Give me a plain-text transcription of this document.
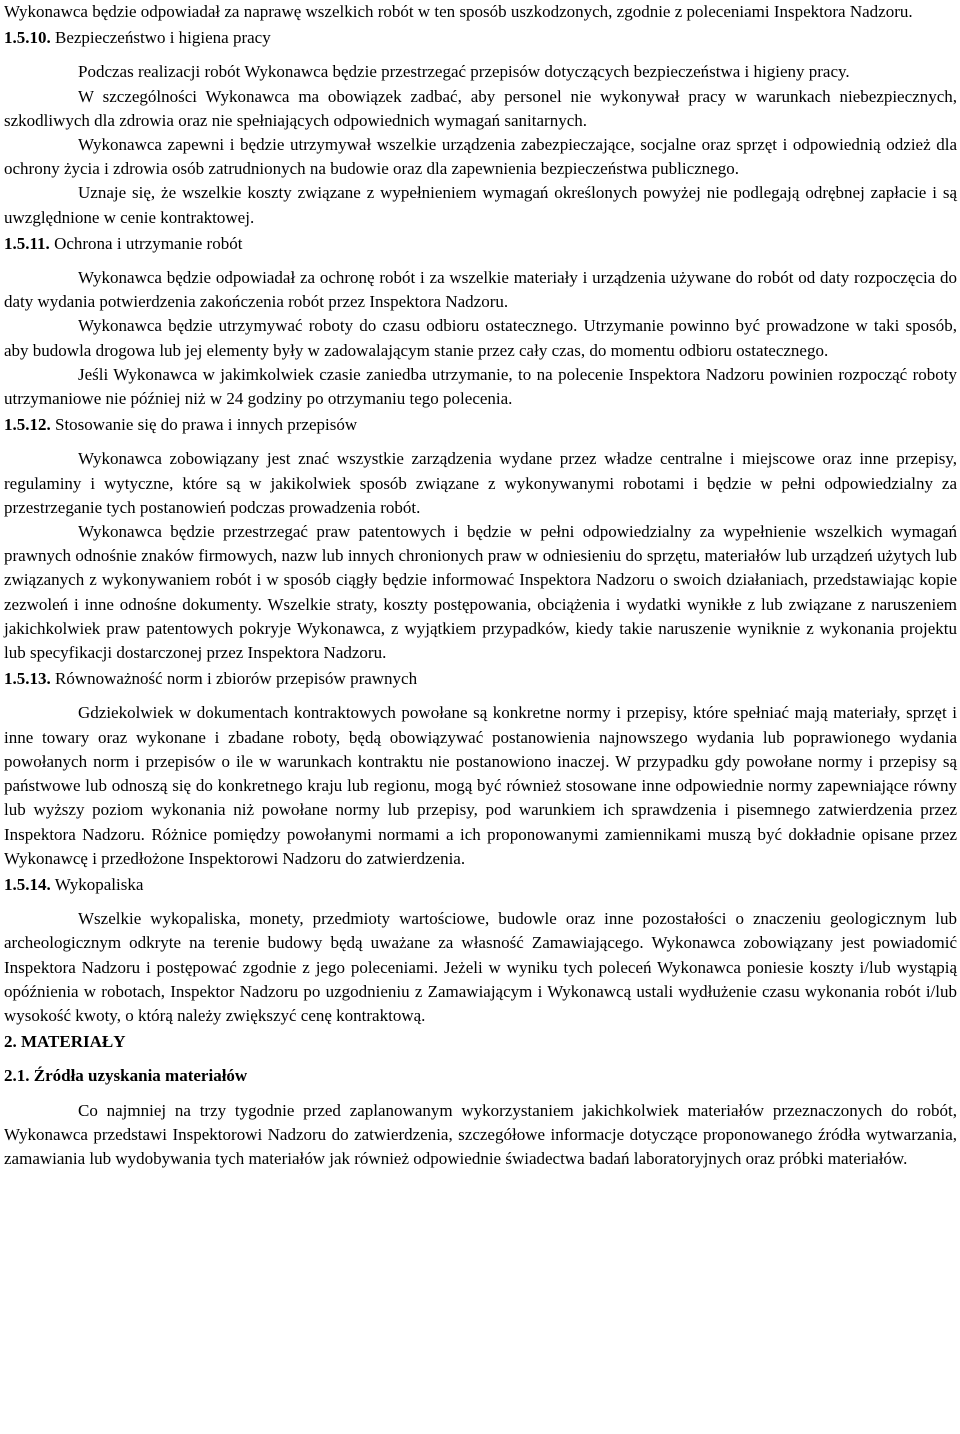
Wykonawca będzie odpowiadał za naprawę wszelkich robót w ten sposób uszkodzonych, zgodnie z poleceniami Inspektora Nadzoru.

1.5.10. Bezpieczeństwo i higiena pracy

Podczas realizacji robót Wykonawca będzie przestrzegać przepisów dotyczących bezpieczeństwa i higieny pracy.

W szczególności Wykonawca ma obowiązek zadbać, aby personel nie wykonywał pracy w warunkach niebezpiecznych, szkodliwych dla zdrowia oraz nie spełniających odpowiednich wymagań sanitarnych.

Wykonawca zapewni i będzie utrzymywał wszelkie urządzenia zabezpieczające, socjalne oraz sprzęt i odpowiednią odzież dla ochrony życia i zdrowia osób zatrudnionych na budowie oraz dla zapewnienia bezpieczeństwa publicznego.

Uznaje się, że wszelkie koszty związane z wypełnieniem wymagań określonych powyżej nie podlegają odrębnej zapłacie i są uwzględnione w cenie kontraktowej.

1.5.11. Ochrona i utrzymanie robót

Wykonawca będzie odpowiadał za ochronę robót i za wszelkie materiały i urządzenia używane do robót od daty rozpoczęcia do daty wydania potwierdzenia zakończenia robót przez Inspektora Nadzoru.

Wykonawca będzie utrzymywać roboty do czasu odbioru ostatecznego. Utrzymanie powinno być prowadzone w taki sposób, aby budowla drogowa lub jej elementy były w zadowalającym stanie przez cały czas, do momentu odbioru ostatecznego.

Jeśli Wykonawca w jakimkolwiek czasie zaniedba utrzymanie, to na polecenie Inspektora Nadzoru powinien rozpocząć roboty utrzymaniowe nie później niż w 24 godziny po otrzymaniu tego polecenia.

1.5.12. Stosowanie się do prawa i innych przepisów

Wykonawca zobowiązany jest znać wszystkie zarządzenia wydane przez władze centralne i miejscowe oraz inne przepisy, regulaminy i wytyczne, które są w jakikolwiek sposób związane z wykonywanymi robotami i będzie w pełni odpowiedzialny za przestrzeganie tych postanowień podczas prowadzenia robót.

Wykonawca będzie przestrzegać praw patentowych i będzie w pełni odpowiedzialny za wypełnienie wszelkich wymagań prawnych odnośnie znaków firmowych, nazw lub innych chronionych praw w odniesieniu do sprzętu, materiałów lub urządzeń użytych lub związanych z wykonywaniem robót i w sposób ciągły będzie informować Inspektora Nadzoru o swoich działaniach, przedstawiając kopie zezwoleń i inne odnośne dokumenty. Wszelkie straty, koszty postępowania, obciążenia i wydatki wynikłe z lub związane z naruszeniem jakichkolwiek praw patentowych pokryje Wykonawca, z wyjątkiem przypadków, kiedy takie naruszenie wyniknie z wykonania projektu lub specyfikacji dostarczonej przez Inspektora Nadzoru.

1.5.13. Równoważność norm i zbiorów przepisów prawnych

Gdziekolwiek w dokumentach kontraktowych powołane są konkretne normy i przepisy, które spełniać mają materiały, sprzęt i inne towary oraz wykonane i zbadane roboty, będą obowiązywać postanowienia najnowszego wydania lub poprawionego wydania powołanych norm i przepisów o ile w warunkach kontraktu nie postanowiono inaczej. W przypadku gdy powołane normy i przepisy są państwowe lub odnoszą się do konkretnego kraju lub regionu, mogą być również stosowane inne odpowiednie normy zapewniające równy lub wyższy poziom wykonania niż powołane normy lub przepisy, pod warunkiem ich sprawdzenia i pisemnego zatwierdzenia przez Inspektora Nadzoru. Różnice pomiędzy powołanymi normami a ich proponowanymi zamiennikami muszą być dokładnie opisane przez Wykonawcę i przedłożone Inspektorowi Nadzoru do zatwierdzenia.

1.5.14. Wykopaliska

Wszelkie wykopaliska, monety, przedmioty wartościowe, budowle oraz inne pozostałości o znaczeniu geologicznym lub archeologicznym odkryte na terenie budowy będą uważane za własność Zamawiającego. Wykonawca zobowiązany jest powiadomić Inspektora Nadzoru i postępować zgodnie z jego poleceniami. Jeżeli w wyniku tych poleceń Wykonawca poniesie koszty i/lub wystąpią opóźnienia w robotach, Inspektor Nadzoru po uzgodnieniu z Zamawiającym i Wykonawcą ustali wydłużenie czasu wykonania robót i/lub wysokość kwoty, o którą należy zwiększyć cenę kontraktową.

2. MATERIAŁY

2.1. Źródła uzyskania materiałów

Co najmniej na trzy tygodnie przed zaplanowanym wykorzystaniem jakichkolwiek materiałów przeznaczonych do robót, Wykonawca przedstawi Inspektorowi Nadzoru do zatwierdzenia, szczegółowe informacje dotyczące proponowanego źródła wytwarzania, zamawiania lub wydobywania tych materiałów jak również odpowiednie świadectwa badań laboratoryjnych oraz próbki materiałów.
